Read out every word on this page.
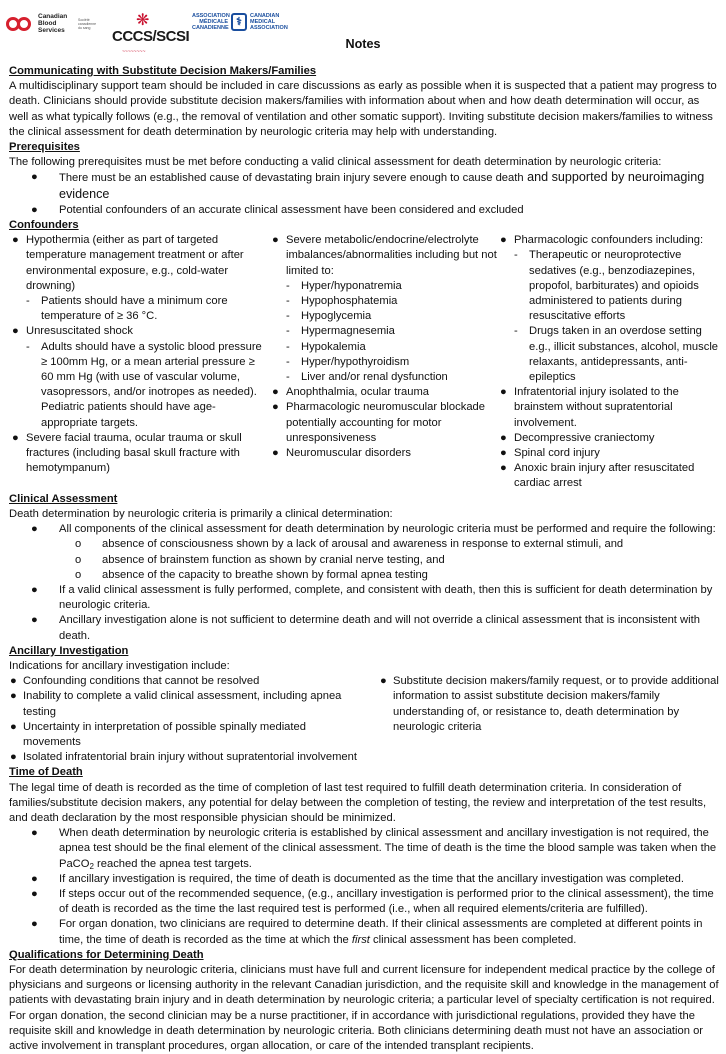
Canadian Blood Services
Société canadienne du sang	❋
CCCS/SCSI
~~~~~~~~
ASSOCIATION MÉDICALE CANADIENNE
⚕	CANADIAN MEDICAL ASSOCIATION
Notes
Communicating with Substitute Decision Makers/Families

A multidisciplinary support team should be included in care discussions as early as possible when it is suspected that a patient may progress to death. Clinicians should provide substitute decision makers/families with information about when and how death determination will occur, as well as what typically follows (e.g., the removal of ventilation and other somatic support). Inviting substitute decision makers/families to witness the clinical assessment for death determination by neurologic criteria may help with understanding.

Prerequisites

The following prerequisites must be met before conducting a valid clinical assessment for death determination by neurologic criteria:

● There must be an established cause of devastating brain injury severe enough to cause death and supported by neuroimaging evidence
● Potential confounders of an accurate clinical assessment have been considered and excluded
Confounders
● Hypothermia (either as part of targeted temperature management treatment or after environmental exposure, e.g., cold-water drowning)
- Patients should have a minimum core temperature of ≥ 36 °C.
● Unresuscitated shock
- Adults should have a systolic blood pressure ≥ 100mm Hg, or a mean arterial pressure ≥ 60 mm Hg (with use of vascular volume, vasopressors, and/or inotropes as needed). Pediatric patients should have age-appropriate targets.
● Severe facial trauma, ocular trauma or skull fractures (including basal skull fracture with hemotympanum)
● Severe metabolic/endocrine/electrolyte imbalances/abnormalities including but not limited to:
- Hyper/hyponatremia
- Hypophosphatemia
- Hypoglycemia
- Hypermagnesemia
- Hypokalemia
- Hyper/hypothyroidism
- Liver and/or renal dysfunction
● Anophthalmia, ocular trauma
● Pharmacologic neuromuscular blockade potentially accounting for motor unresponsiveness
● Neuromuscular disorders
● Pharmacologic confounders including:
- Therapeutic or neuroprotective sedatives (e.g., benzodiazepines, propofol, barbiturates) and opioids administered to patients during resuscitative efforts
- Drugs taken in an overdose setting e.g., illicit substances, alcohol, muscle relaxants, antidepressants, anti-epileptics
● Infratentorial injury isolated to the brainstem without supratentorial involvement.
● Decompressive craniectomy
● Spinal cord injury
● Anoxic brain injury after resuscitated cardiac arrest
Clinical Assessment

Death determination by neurologic criteria is primarily a clinical determination:

● All components of the clinical assessment for death determination by neurologic criteria must be performed and require the following:
o absence of consciousness shown by a lack of arousal and awareness in response to external stimuli, and
o absence of brainstem function as shown by cranial nerve testing, and
o absence of the capacity to breathe shown by formal apnea testing
● If a valid clinical assessment is fully performed, complete, and consistent with death, then this is sufficient for death determination by neurologic criteria.
● Ancillary investigation alone is not sufficient to determine death and will not override a clinical assessment that is inconsistent with death.
Ancillary Investigation

Indications for ancillary investigation include:

● Confounding conditions that cannot be resolved
● Inability to complete a valid clinical assessment, including apnea testing
● Uncertainty in interpretation of possible spinally mediated movements
● Isolated infratentorial brain injury without supratentorial involvement
● Substitute decision makers/family request, or to provide additional information to assist substitute decision makers/family understanding of, or resistance to, death determination by neurologic criteria
Time of Death

The legal time of death is recorded as the time of completion of last test required to fulfill death determination criteria. In consideration of families/substitute decision makers, any potential for delay between the completion of testing, the review and interpretation of the test results, and death declaration by the most responsible physician should be minimized.

● When death determination by neurologic criteria is established by clinical assessment and ancillary investigation is not required, the apnea test should be the final element of the clinical assessment. The time of death is the time the blood sample was taken when the PaCO$_2$ reached the apnea test targets.
● If ancillary investigation is required, the time of death is documented as the time that the ancillary investigation was completed.
● If steps occur out of the recommended sequence, (e.g., ancillary investigation is performed prior to the clinical assessment), the time of death is recorded as the time the last required test is performed (i.e., when all required elements/criteria are fulfilled).
● For organ donation, two clinicians are required to determine death. If their clinical assessments are completed at different points in time, the time of death is recorded as the time at which the first clinical assessment has been completed.
Qualifications for Determining Death

For death determination by neurologic criteria, clinicians must have full and current licensure for independent medical practice by the college of physicians and surgeons or licensing authority in the relevant Canadian jurisdiction, and the requisite skill and knowledge in the management of patients with devastating brain injury and in death determination by neurologic criteria; a particular level of specialty certification is not required.

For organ donation, the second clinician may be a nurse practitioner, if in accordance with jurisdictional regulations, provided they have the requisite skill and knowledge in death determination by neurologic criteria. Both clinicians determining death must not have an association or active involvement in transplant procedures, organ allocation, or care of the intended transplant recipients.
